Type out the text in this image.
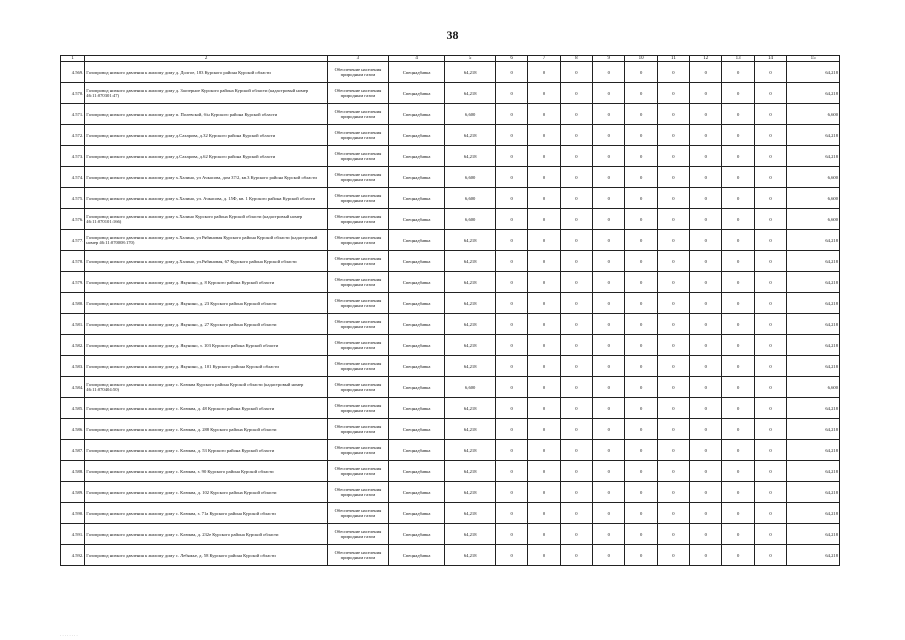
38
1	2	3	4	5	6	7	8	9	10	11	12	13	14	15
4.569.	Газопровод низкого давления к жилому дому д. Долгое, 183 Курского района Курской области	Обеспечение населения природным газом	Спецнадбавка	64,218	0	0	0	0	0	0	0	0	0	64,218
4.570.	Газопровод низкого давления к жилому дому д. Заозерное Курского района Курской области (кадастровый номер 46:11:070301:47)	Обеспечение населения природным газом	Спецнадбавка	64,218	0	0	0	0	0	0	0	0	0	64,218
4.571.	Газопровод низкого давления к жилому дому п. Полевской, б/н Курского района Курской области	Обеспечение населения природным газом	Спецнадбавка	6,600	0	0	0	0	0	0	0	0	0	6,600
4.572.	Газопровод низкого давления к жилому дому д.Сахарова, д.32 Курского района Курской области	Обеспечение населения природным газом	Спецнадбавка	64,218	0	0	0	0	0	0	0	0	0	64,218
4.573.	Газопровод низкого давления к жилому дому д.Сахарова, д.62 Курского района Курской области	Обеспечение населения природным газом	Спецнадбавка	64,218	0	0	0	0	0	0	0	0	0	64,218
4.574.	Газопровод низкого давления к жилому дому х.Халино, ул Ачкасова, дом 37/2, кв.3 Курского района Курской области	Обеспечение населения природным газом	Спецнадбавка	6,600	0	0	0	0	0	0	0	0	0	6,600
4.575.	Газопровод низкого давления к жилому дому х.Халино, ул. Ачкасова, д. 15Ф, кв. 1 Курского района Курской области	Обеспечение населения природным газом	Спецнадбавка	6,600	0	0	0	0	0	0	0	0	0	6,600
4.576.	Газопровод низкого давления к жилому дому х.Халино Курского района Курской области (кадастровый номер 46:11:070101:166)	Обеспечение населения природным газом	Спецнадбавка	6,600	0	0	0	0	0	0	0	0	0	6,600
4.577.	Газопровод низкого давления к жилому дому х.Халино, ул Рябиновая Курского района Курской области (кадастровый номер 46:11:070008:170)	Обеспечение населения природным газом	Спецнадбавка	64,218	0	0	0	0	0	0	0	0	0	64,218
4.578.	Газопровод низкого давления к жилому дому д.Халино, ул.Рябиновая, 67 Курского района Курской области	Обеспечение населения природным газом	Спецнадбавка	64,218	0	0	0	0	0	0	0	0	0	64,218
4.579.	Газопровод низкого давления к жилому дому д. Якунино, д. 8 Курского района Курской области	Обеспечение населения природным газом	Спецнадбавка	64,218	0	0	0	0	0	0	0	0	0	64,218
4.580.	Газопровод низкого давления к жилому дому д. Якунино, д. 23 Курского района Курской области	Обеспечение населения природным газом	Спецнадбавка	64,218	0	0	0	0	0	0	0	0	0	64,218
4.581.	Газопровод низкого давления к жилому дому д. Якунино, д. 27 Курского района Курской области	Обеспечение населения природным газом	Спецнадбавка	64,218	0	0	0	0	0	0	0	0	0	64,218
4.582.	Газопровод низкого давления к жилому дому д. Якунино, з. 103 Курского района Курской области	Обеспечение населения природным газом	Спецнадбавка	64,218	0	0	0	0	0	0	0	0	0	64,218
4.583.	Газопровод низкого давления к жилому дому д. Якунино, д. 101 Курского района Курской области	Обеспечение населения природным газом	Спецнадбавка	64,218	0	0	0	0	0	0	0	0	0	64,218
4.584.	Газопровод низкого давления к жилому дому с. Клюква Курского района Курской области (кадастровый номер 46:11:070404:50)	Обеспечение населения природным газом	Спецнадбавка	6,600	0	0	0	0	0	0	0	0	0	6,600
4.585.	Газопровод низкого давления к жилому дому с. Клюква, д. 48 Курского района Курской области	Обеспечение населения природным газом	Спецнадбавка	64,218	0	0	0	0	0	0	0	0	0	64,218
4.586.	Газопровод низкого давления к жилому дому с. Клюква, д. 288 Курского района Курской области	Обеспечение населения природным газом	Спецнадбавка	64,218	0	0	0	0	0	0	0	0	0	64,218
4.587.	Газопровод низкого давления к жилому дому с. Клюква, д. 53 Курского района Курской области	Обеспечение населения природным газом	Спецнадбавка	64,218	0	0	0	0	0	0	0	0	0	64,218
4.588.	Газопровод низкого давления к жилому дому с. Клюква, з. 90 Курского района Курской области	Обеспечение населения природным газом	Спецнадбавка	64,218	0	0	0	0	0	0	0	0	0	64,218
4.589.	Газопровод низкого давления к жилому дому с. Клюква, д. 102 Курского района Курской области	Обеспечение населения природным газом	Спецнадбавка	64,218	0	0	0	0	0	0	0	0	0	64,218
4.590.	Газопровод низкого давления к жилому дому с. Клюква, з. 71а Курского района Курской области	Обеспечение населения природным газом	Спецнадбавка	64,218	0	0	0	0	0	0	0	0	0	64,218
4.591.	Газопровод низкого давления к жилому дому с. Клюква, д. 232е Курского района Курской области	Обеспечение населения природным газом	Спецнадбавка	64,218	0	0	0	0	0	0	0	0	0	64,218
4.592.	Газопровод низкого давления к жилому дому с. Лебяжье, д. 58 Курского района Курской области	Обеспечение населения природным газом	Спецнадбавка	64,218	0	0	0	0	0	0	0	0	0	64,218
· · · · · · · ·
